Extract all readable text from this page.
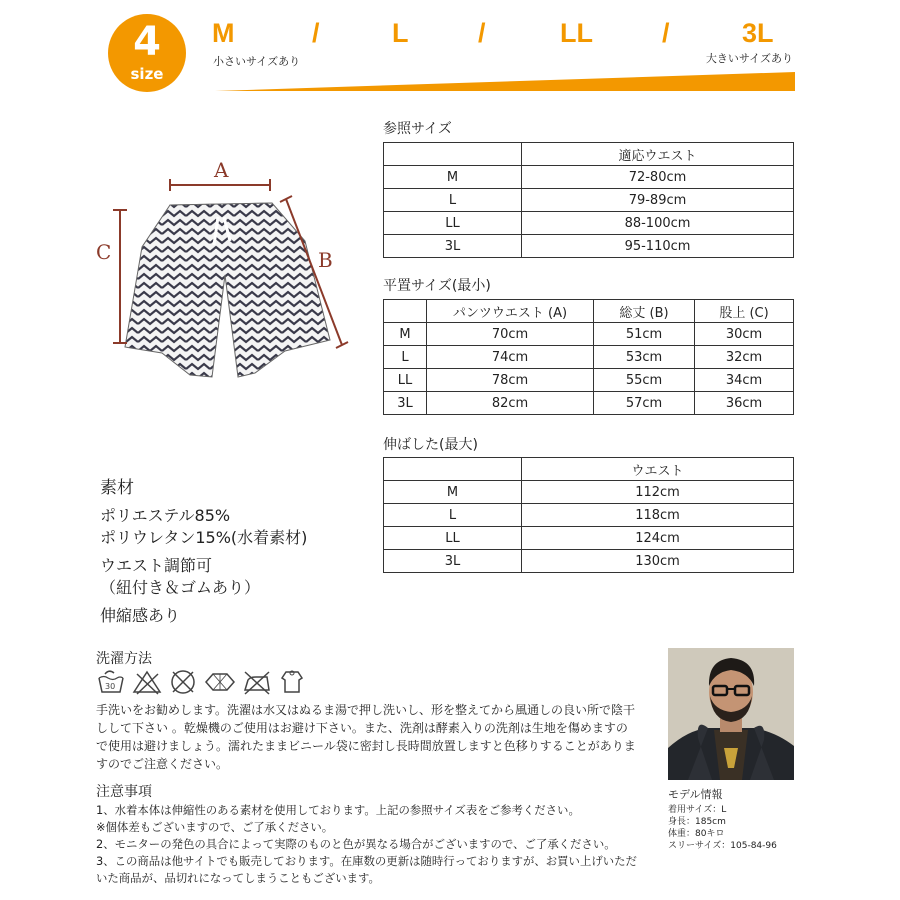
4
size
M	/	L	/	LL	/	3L
小さいサイズあり	大きいサイズあり
A
C	B
参照サイズ
	適応ウエスト
M	72-80cm
L	79-89cm
LL	88-100cm
3L	95-110cm
平置サイズ(最小)
	パンツウエスト (A)	総丈 (B)	股上 (C)
M	70cm	51cm	30cm
L	74cm	53cm	32cm
LL	78cm	55cm	34cm
3L	82cm	57cm	36cm
伸ばした(最大)
	ウエスト
M	112cm
L	118cm
LL	124cm
3L	130cm
素材
ポリエステル85%
ポリウレタン15%(水着素材)
ウエスト調節可
（紐付き＆ゴムあり）
伸縮感あり
洗濯方法
30
手洗いをお勧めします。洗濯は水又はぬるま湯で押し洗いし、形を整えてから風通しの良い所で陰干しして下さい 。乾燥機のご使用はお避け下さい。また、洗剤は酵素入りの洗剤は生地を傷めますので使用は避けましょう。濡れたままビニール袋に密封し長時間放置しますと色移りすることがありますのでご注意ください。
注意事項
1、水着本体は伸縮性のある素材を使用しております。上記の参照サイズ表をご参考ください。
※個体差もございますので、ご了承ください。
2、モニターの発色の具合によって実際のものと色が異なる場合がございますので、ご了承ください。
3、この商品は他サイトでも販売しております。在庫数の更新は随時行っておりますが、お買い上げいただいた商品が、品切れになってしまうこともございます。
モデル情報
着用サイズ：L
身長：185cm
体重：80キロ
スリーサイズ：105-84-96
